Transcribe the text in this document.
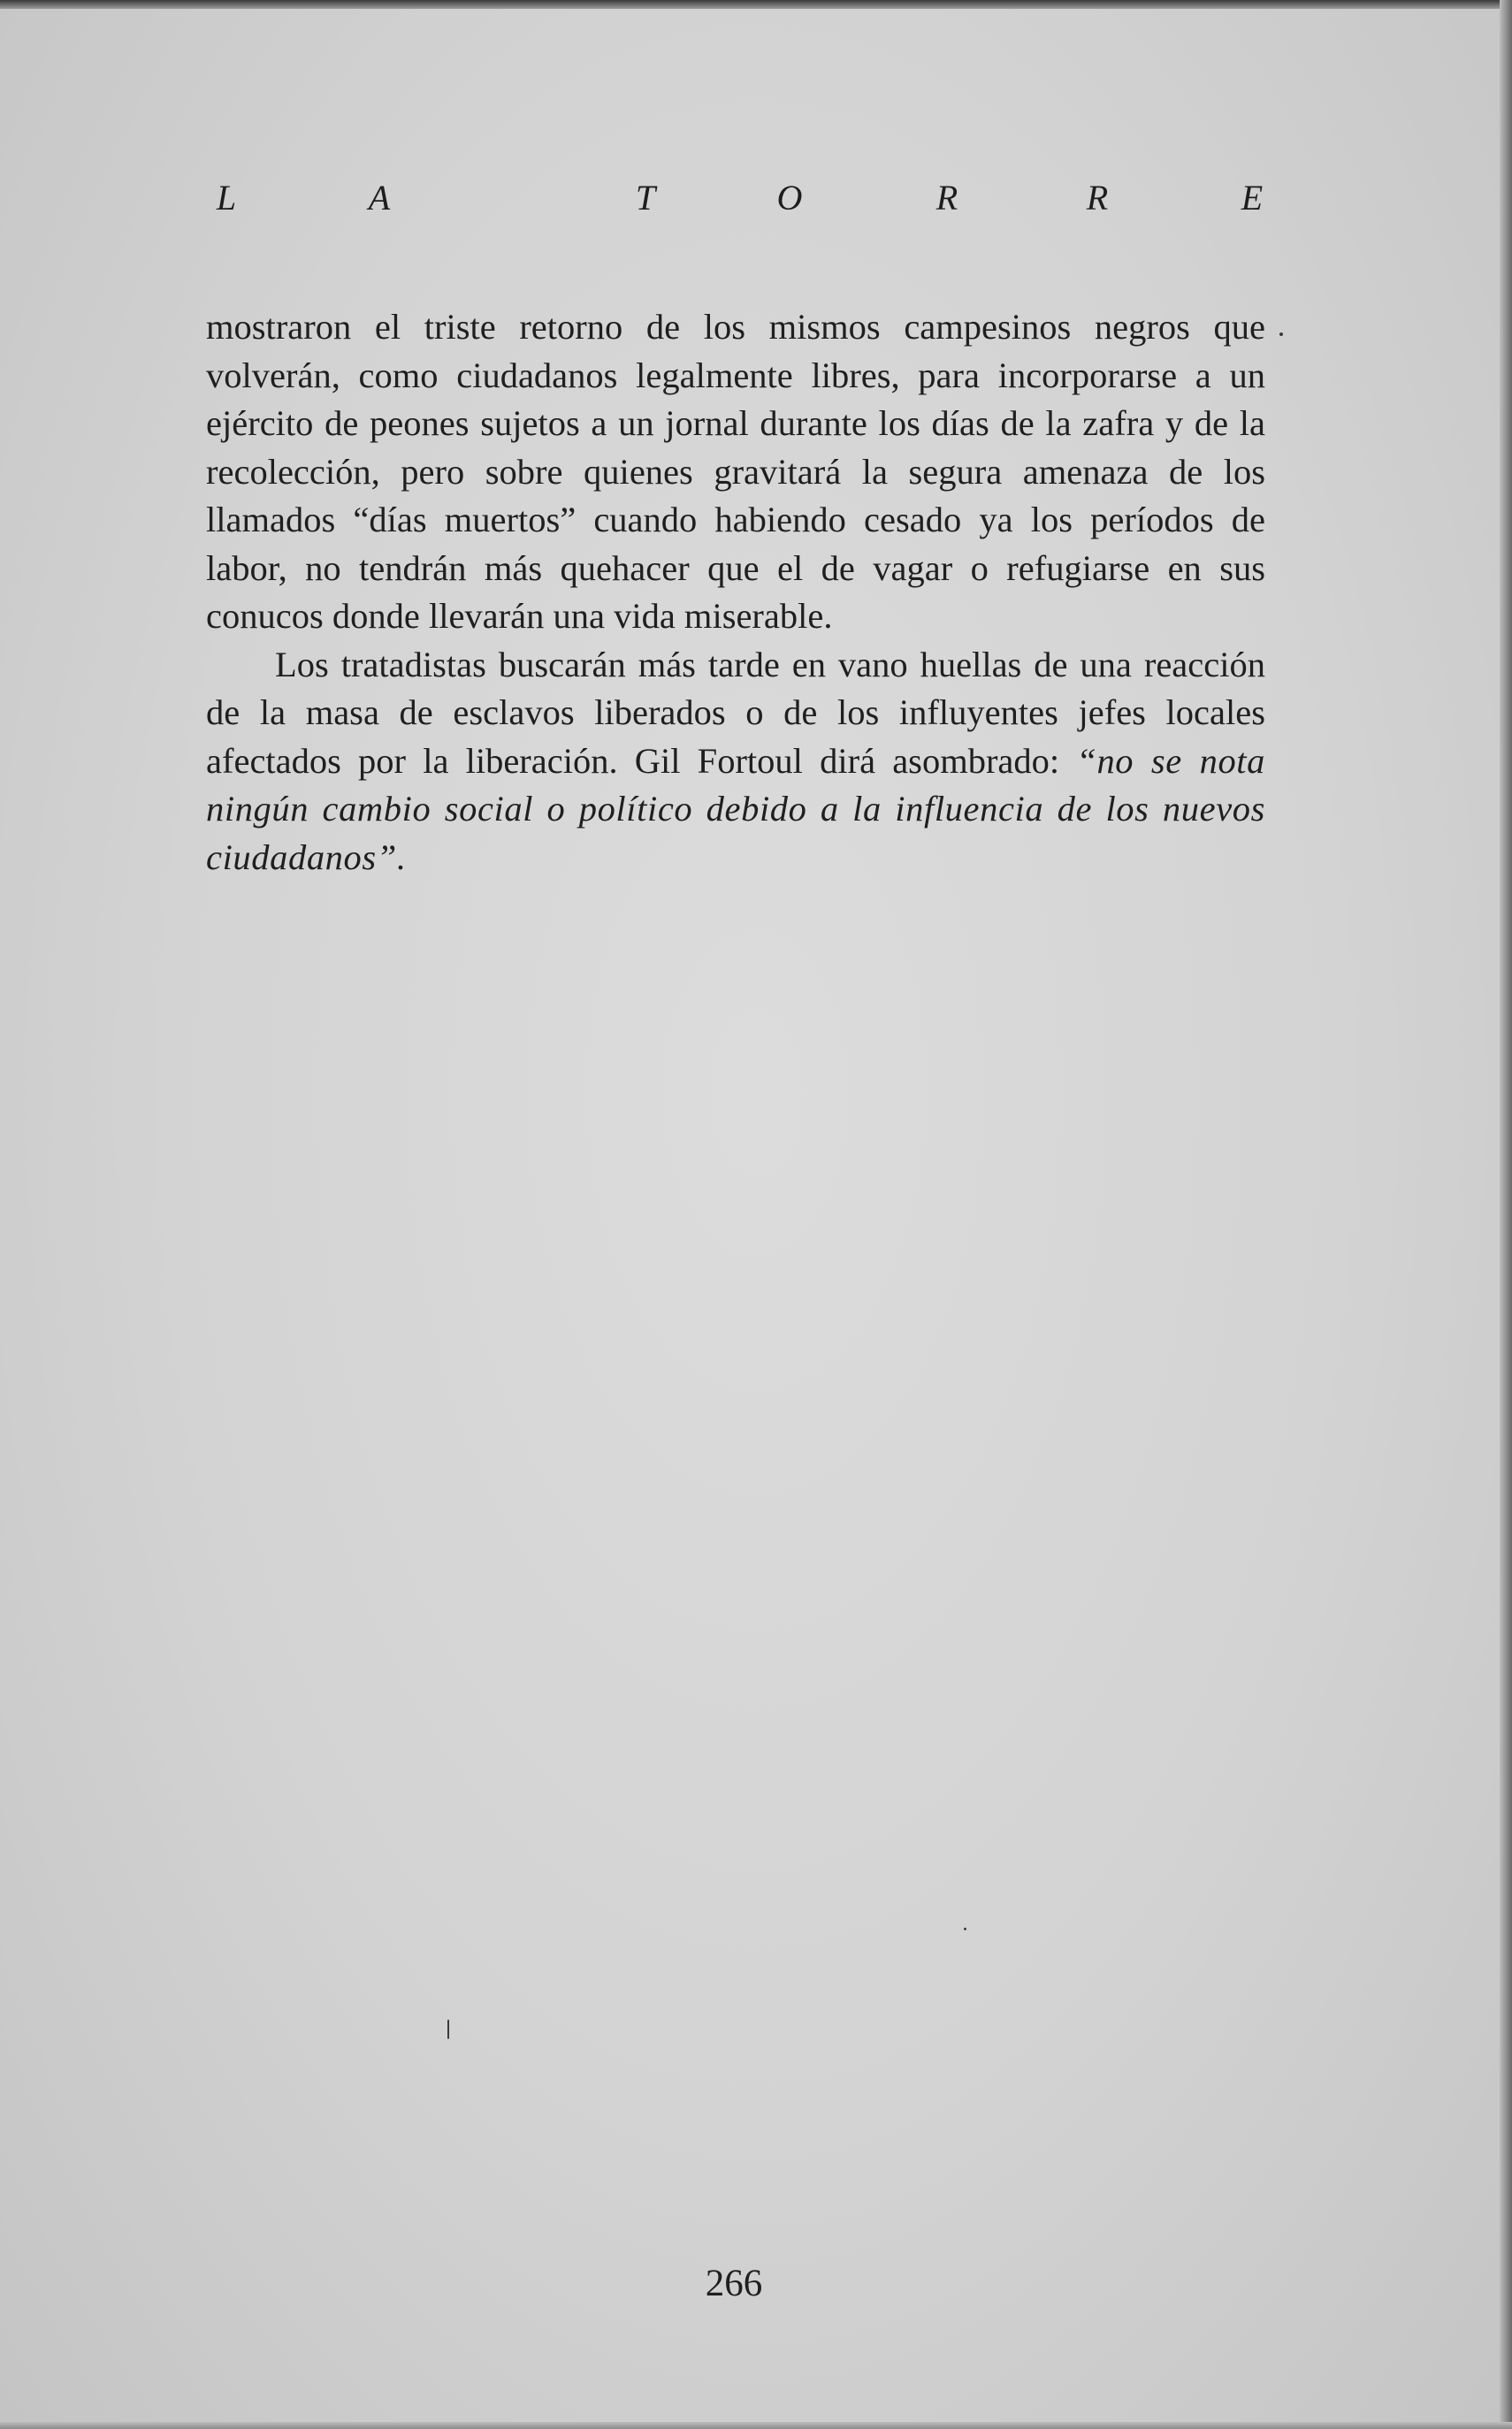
L	A	T	O	R	R	E

mostraron el triste retorno de los mismos campesinos negros que volverán, como ciudadanos legalmente libres, para incorporarse a un ejército de peones sujetos a un jornal durante los días de la zafra y de la recolección, pero sobre quienes gravitará la segura amenaza de los llamados “días muertos” cuando habiendo cesado ya los períodos de labor, no tendrán más quehacer que el de vagar o refugiarse en sus conucos donde llevarán una vida miserable.

Los tratadistas buscarán más tarde en vano huellas de una reacción de la masa de esclavos liberados o de los influyentes jefes locales afectados por la liberación. Gil Fortoul dirá asombrado: “no se nota ningún cambio social o político debido a la influencia de los nuevos ciudadanos”.

266
